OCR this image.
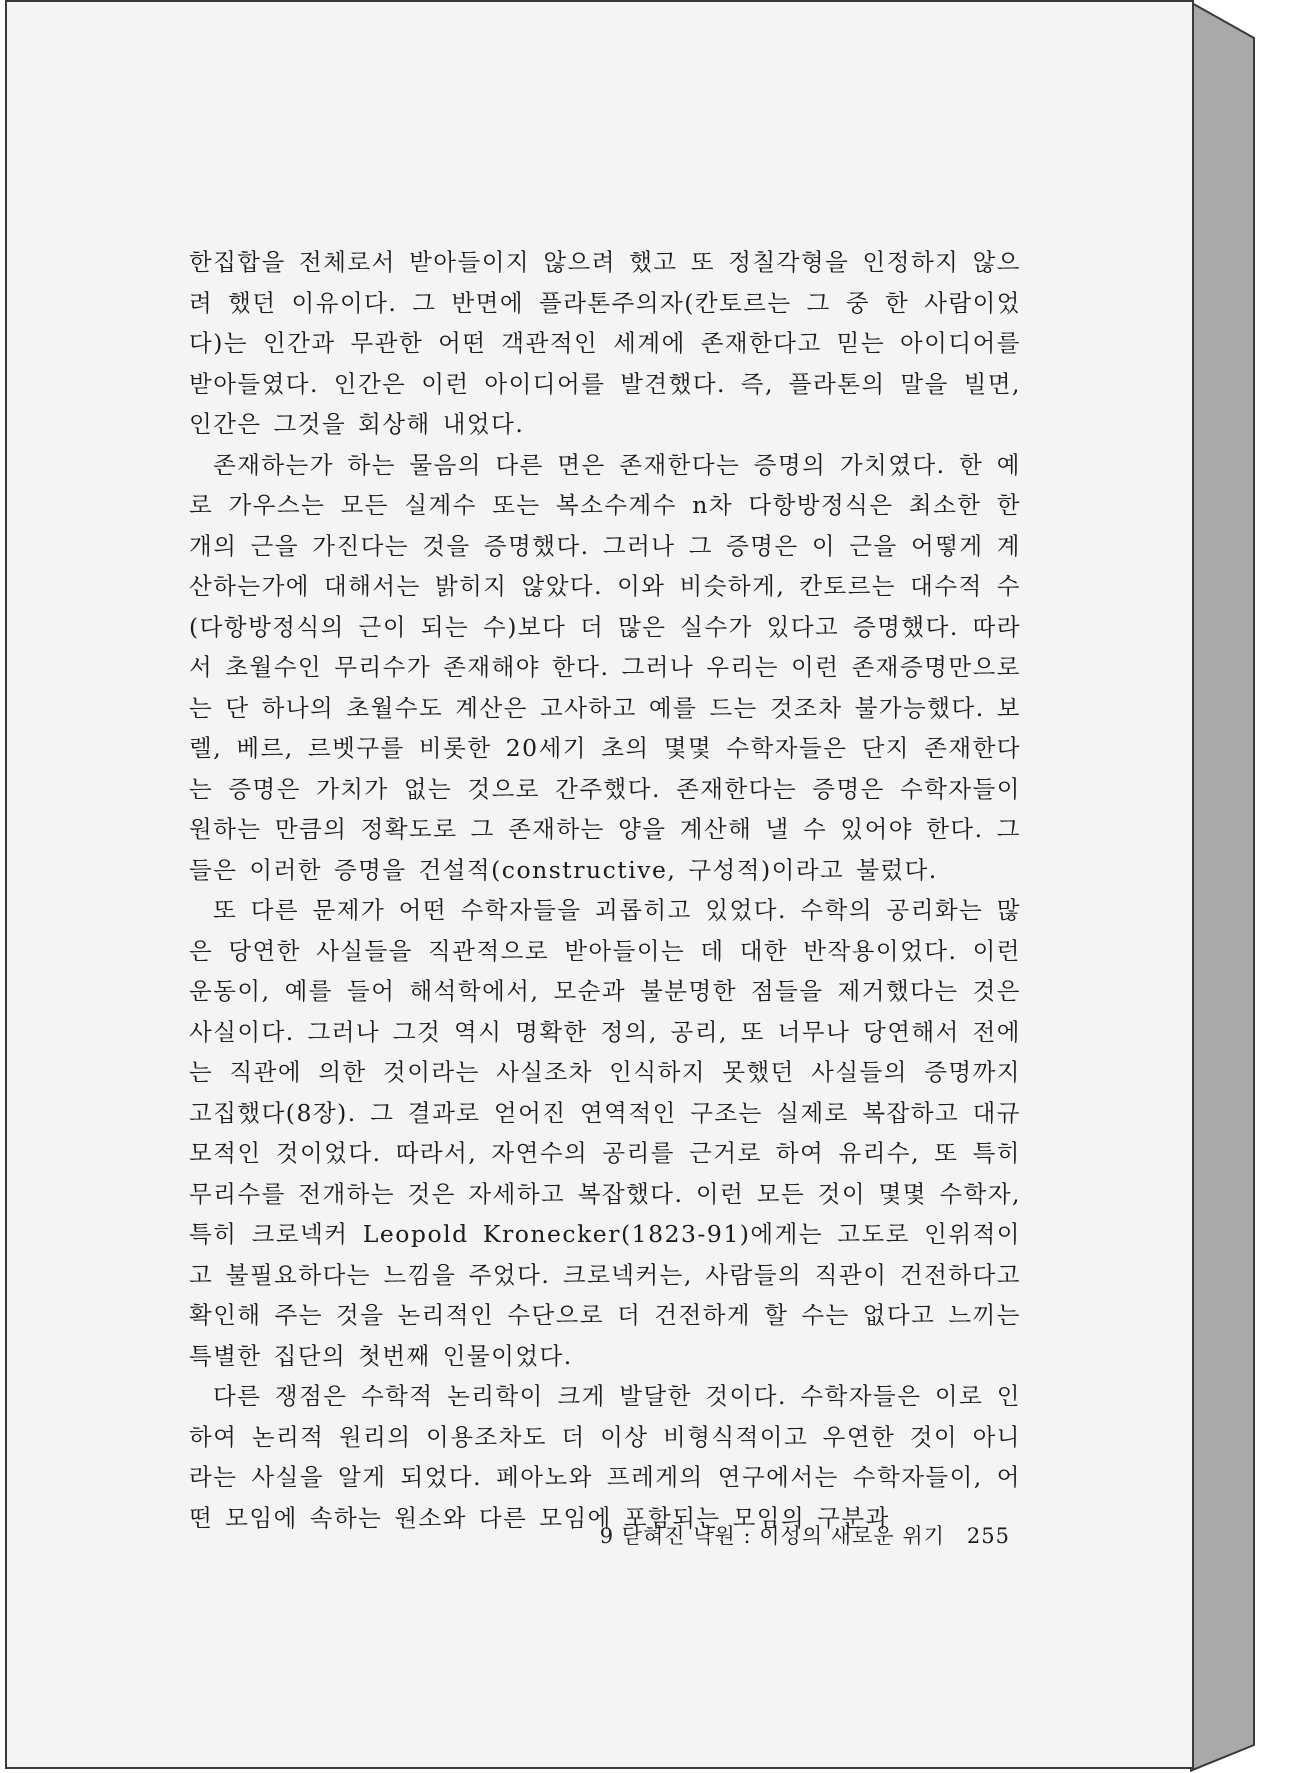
한집합을 전체로서 받아들이지 않으려 했고 또 정칠각형을 인정하지 않으려 했던 이유이다. 그 반면에 플라톤주의자(칸토르는 그 중 한 사람이었다)는 인간과 무관한 어떤 객관적인 세계에 존재한다고 믿는 아이디어를 받아들였다. 인간은 이런 아이디어를 발견했다. 즉, 플라톤의 말을 빌면, 인간은 그것을 회상해 내었다.

존재하는가 하는 물음의 다른 면은 존재한다는 증명의 가치였다. 한 예로 가우스는 모든 실계수 또는 복소수계수 n차 다항방정식은 최소한 한 개의 근을 가진다는 것을 증명했다. 그러나 그 증명은 이 근을 어떻게 계산하는가에 대해서는 밝히지 않았다. 이와 비슷하게, 칸토르는 대수적 수(다항방정식의 근이 되는 수)보다 더 많은 실수가 있다고 증명했다. 따라서 초월수인 무리수가 존재해야 한다. 그러나 우리는 이런 존재증명만으로는 단 하나의 초월수도 계산은 고사하고 예를 드는 것조차 불가능했다. 보렐, 베르, 르벳구를 비롯한 20세기 초의 몇몇 수학자들은 단지 존재한다는 증명은 가치가 없는 것으로 간주했다. 존재한다는 증명은 수학자들이 원하는 만큼의 정확도로 그 존재하는 양을 계산해 낼 수 있어야 한다. 그들은 이러한 증명을 건설적(constructive, 구성적)이라고 불렀다.

또 다른 문제가 어떤 수학자들을 괴롭히고 있었다. 수학의 공리화는 많은 당연한 사실들을 직관적으로 받아들이는 데 대한 반작용이었다. 이런 운동이, 예를 들어 해석학에서, 모순과 불분명한 점들을 제거했다는 것은 사실이다. 그러나 그것 역시 명확한 정의, 공리, 또 너무나 당연해서 전에는 직관에 의한 것이라는 사실조차 인식하지 못했던 사실들의 증명까지 고집했다(8장). 그 결과로 얻어진 연역적인 구조는 실제로 복잡하고 대규모적인 것이었다. 따라서, 자연수의 공리를 근거로 하여 유리수, 또 특히 무리수를 전개하는 것은 자세하고 복잡했다. 이런 모든 것이 몇몇 수학자, 특히 크로넥커 Leopold Kronecker(1823-91)에게는 고도로 인위적이고 불필요하다는 느낌을 주었다. 크로넥커는, 사람들의 직관이 건전하다고 확인해 주는 것을 논리적인 수단으로 더 건전하게 할 수는 없다고 느끼는 특별한 집단의 첫번째 인물이었다.

다른 쟁점은 수학적 논리학이 크게 발달한 것이다. 수학자들은 이로 인하여 논리적 원리의 이용조차도 더 이상 비형식적이고 우연한 것이 아니라는 사실을 알게 되었다. 페아노와 프레게의 연구에서는 수학자들이, 어떤 모임에 속하는 원소와 다른 모임에 포함되는 모임의 구분과

9 닫혀진 낙원 : 이성의 새로운 위기 255
